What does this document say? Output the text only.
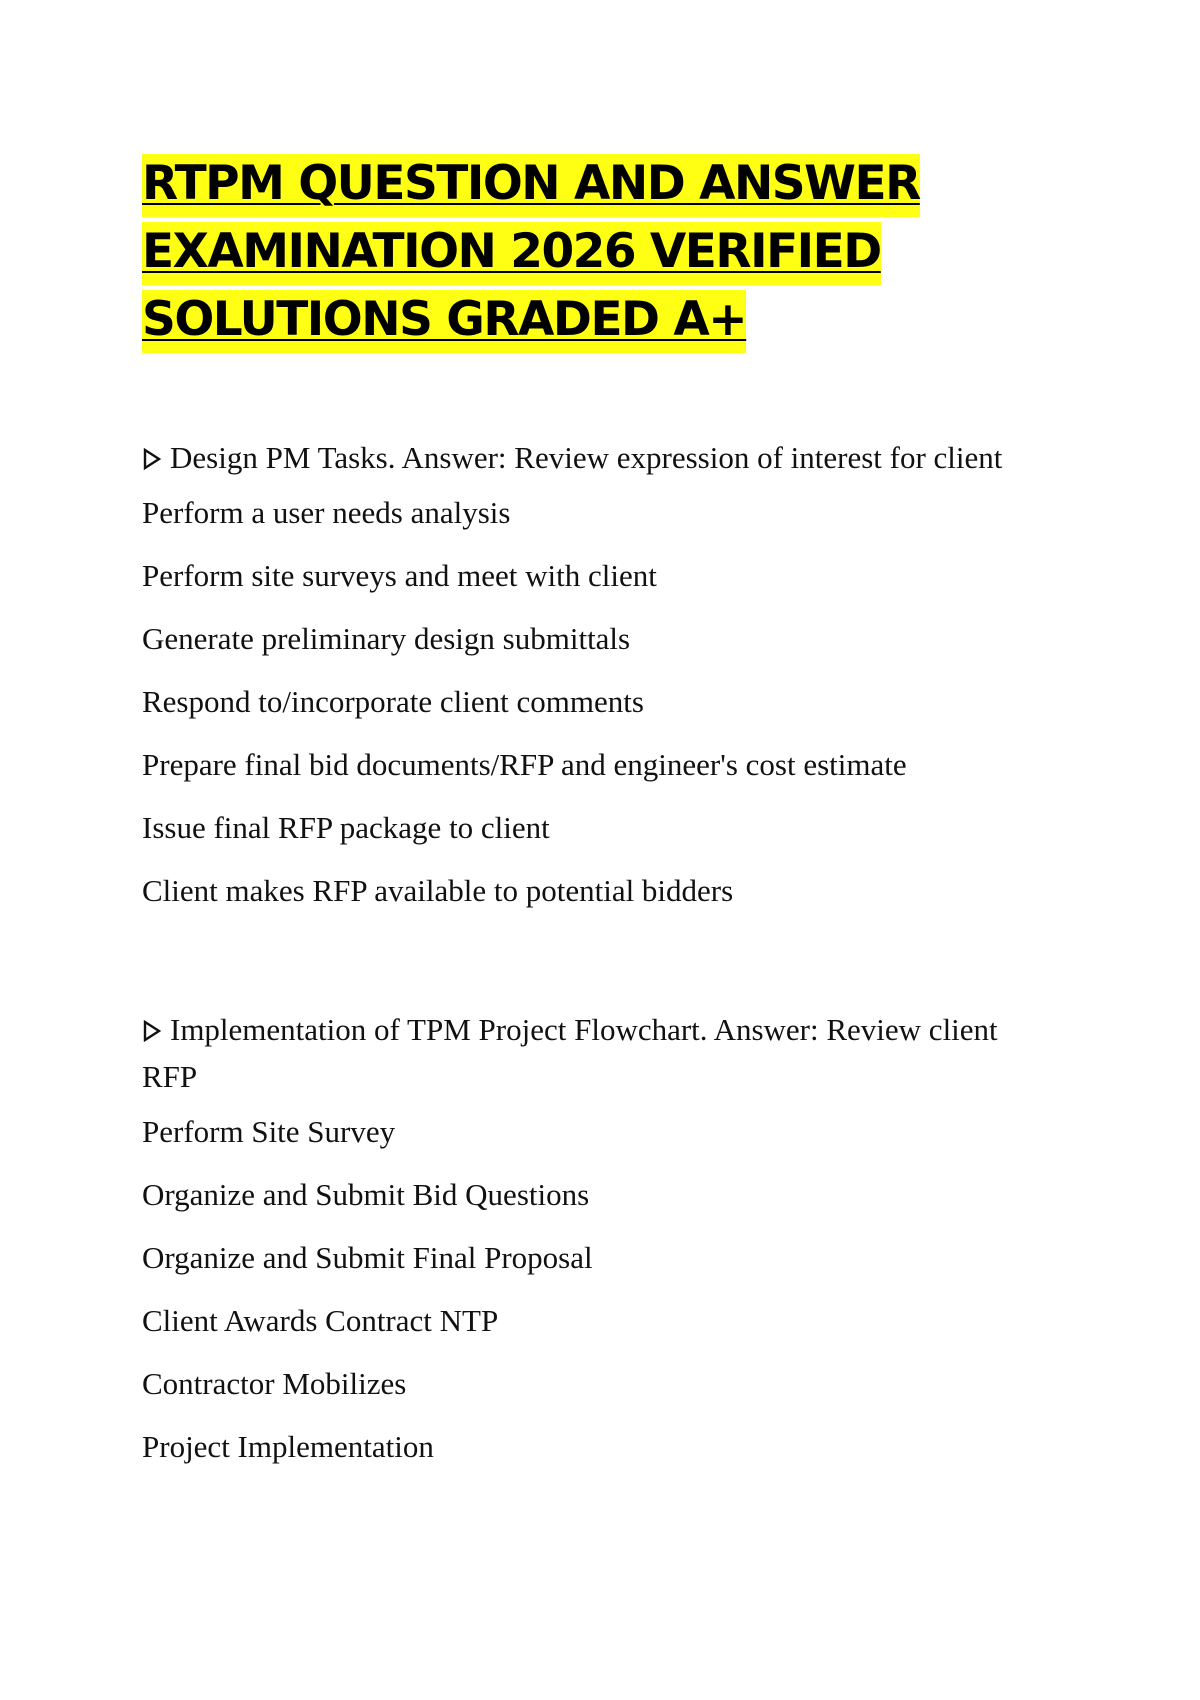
RTPM QUESTION AND ANSWER EXAMINATION 2026 VERIFIED SOLUTIONS GRADED A+

Design PM Tasks. Answer: Review expression of interest for client

Perform a user needs analysis

Perform site surveys and meet with client

Generate preliminary design submittals

Respond to/incorporate client comments

Prepare final bid documents/RFP and engineer's cost estimate

Issue final RFP package to client

Client makes RFP available to potential bidders

Implementation of TPM Project Flowchart. Answer: Review client RFP

Perform Site Survey

Organize and Submit Bid Questions

Organize and Submit Final Proposal

Client Awards Contract NTP

Contractor Mobilizes

Project Implementation
